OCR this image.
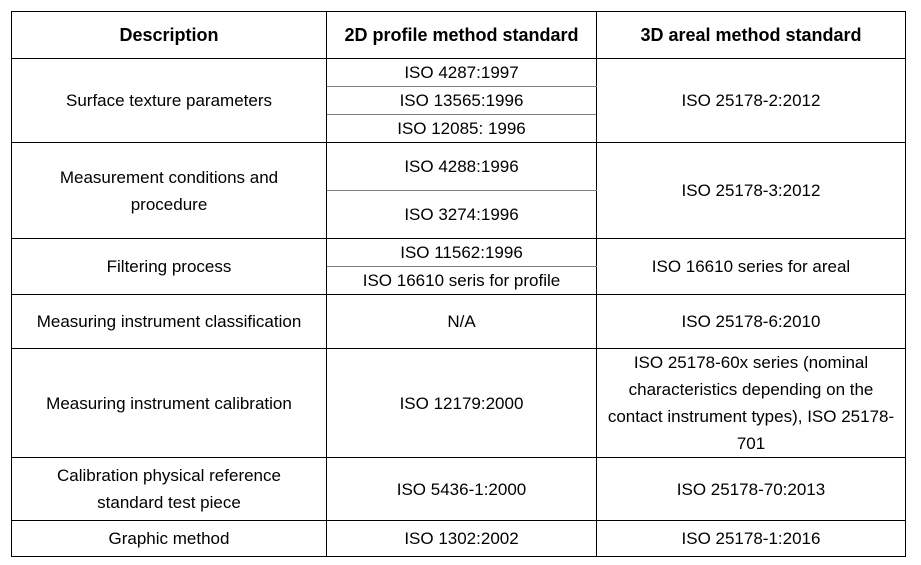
Description	2D profile method standard	3D areal method standard
Surface texture parameters	ISO 4287:1997	ISO 25178-2:2012
	ISO 13565:1996	
	ISO 12085: 1996	
Measurement conditions and procedure	ISO 4288:1996	ISO 25178-3:2012
	ISO 3274:1996	
Filtering process	ISO 11562:1996	ISO 16610 series for areal
	ISO 16610 seris for profile	
Measuring instrument classification	N/A	ISO 25178-6:2010
Measuring instrument calibration	ISO 12179:2000	ISO 25178-60x series (nominal characteristics depending on the contact instrument types), ISO 25178-701
Calibration physical reference standard test piece	ISO 5436-1:2000	ISO 25178-70:2013
Graphic method	ISO 1302:2002	ISO 25178-1:2016
